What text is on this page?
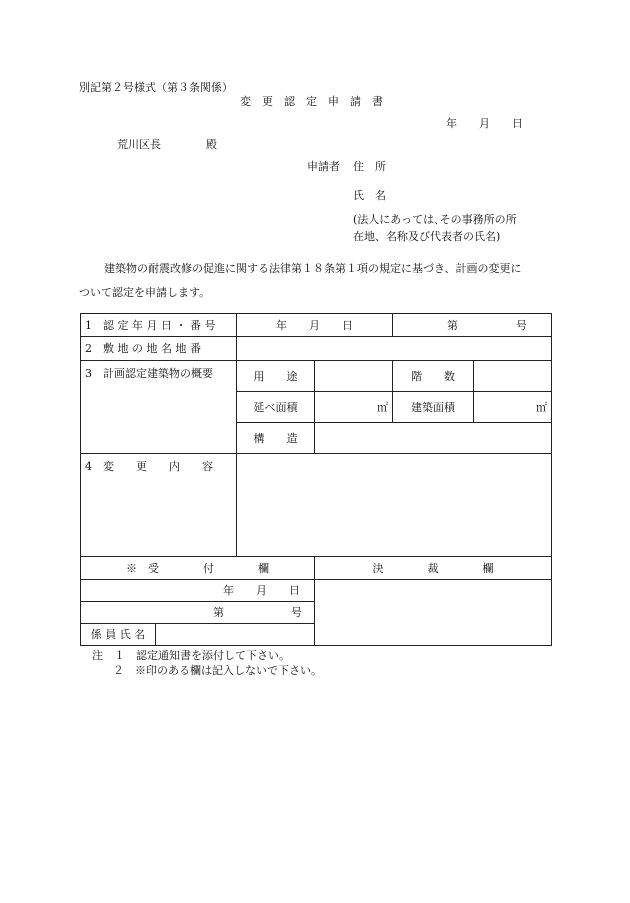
別記第２号様式（第３条関係）
変　更　認　定　申　請　書
年　　月　　日
荒川区長	殿
申請者 住　所
氏　名
(法人にあっては､その事務所の所
在地、名称及び代表者の氏名)
建築物の耐震改修の促進に関する法律第１８条第１項の規定に基づき、計画の変更に
ついて認定を申請します。
1　認 定 年 月 日 ・ 番 号		年　　月　　日		第 号	

2　敷 地 の 地 名 地 番					
3　計画認定建築物の概要		用　　途		階　　数	
		延べ面積	㎡	建築面積	㎡
		構　　造			
4　変　　更　　内　　容					
※　受　　　　付　　　　欄			決　　　　裁　　　　欄		
年　　月　　日					
第 号					

係 員 氏 名					
注　１　認定通知書を添付して下さい。
２　※印のある欄は記入しないで下さい。
